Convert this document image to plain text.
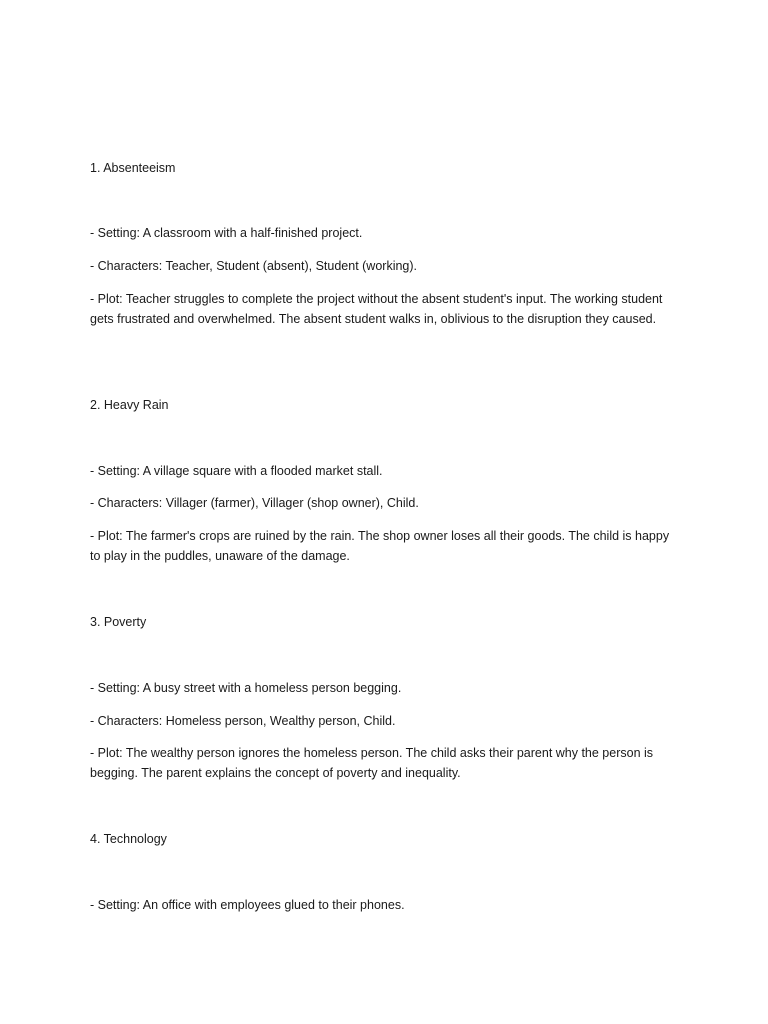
1. Absenteeism
- Setting: A classroom with a half-finished project.
- Characters: Teacher, Student (absent), Student (working).
- Plot: Teacher struggles to complete the project without the absent student's input. The working student gets frustrated and overwhelmed. The absent student walks in, oblivious to the disruption they caused.
2. Heavy Rain
- Setting: A village square with a flooded market stall.
- Characters: Villager (farmer), Villager (shop owner), Child.
- Plot: The farmer's crops are ruined by the rain. The shop owner loses all their goods. The child is happy to play in the puddles, unaware of the damage.
3. Poverty
- Setting: A busy street with a homeless person begging.
- Characters: Homeless person, Wealthy person, Child.
- Plot: The wealthy person ignores the homeless person. The child asks their parent why the person is begging. The parent explains the concept of poverty and inequality.
4. Technology
- Setting: An office with employees glued to their phones.
